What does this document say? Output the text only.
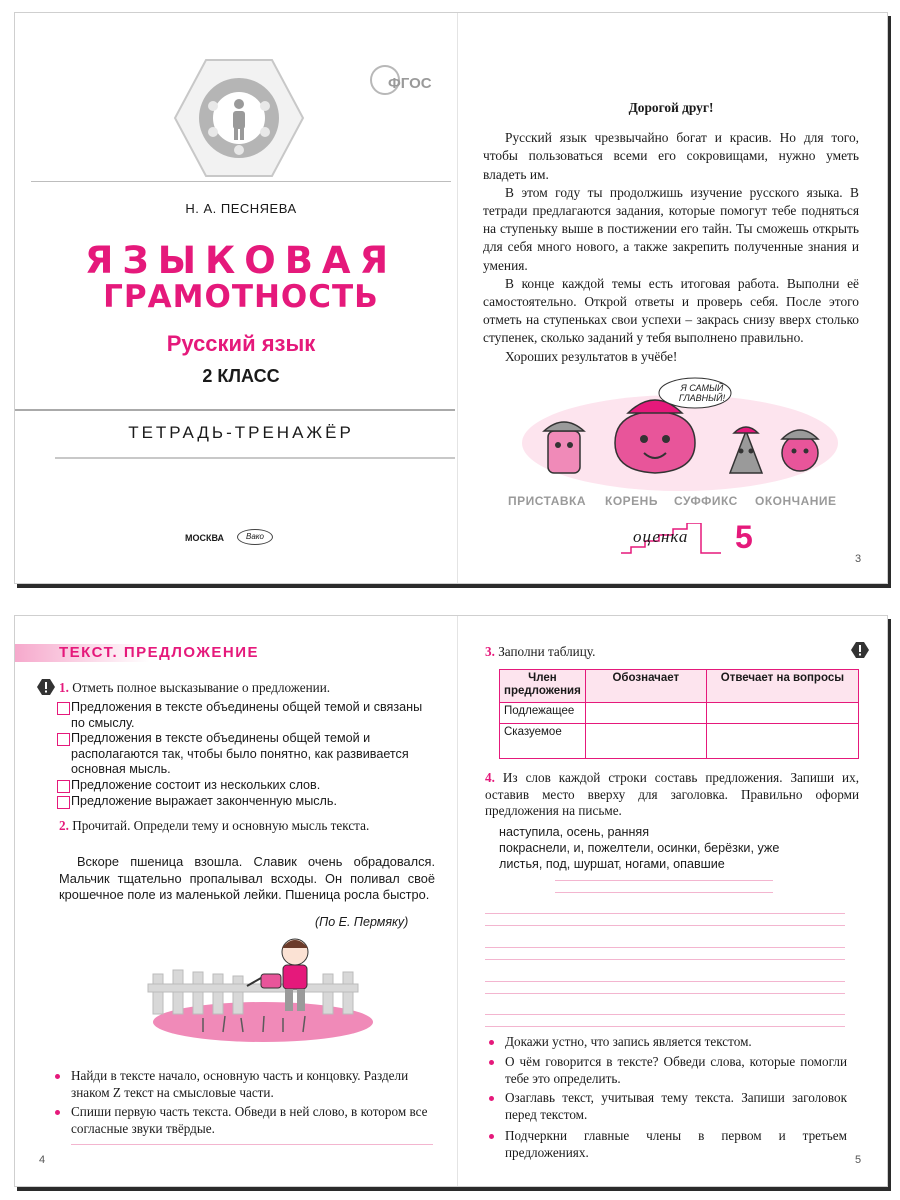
ФГОС
Н. А. ПЕСНЯЕВА
ЯЗЫКОВАЯ
ГРАМОТНОСТЬ
Русский язык
2 КЛАСС
ТЕТРАДЬ-ТРЕНАЖЁР
МОСКВА	Вако
Дорогой друг!

Русский язык чрезвычайно богат и красив. Но для того, чтобы пользоваться всеми его сокровищами, нужно уметь владеть им.

В этом году ты продолжишь изучение русского языка. В тетради предлагаются задания, которые помогут тебе подняться на ступеньку выше в постижении его тайн. Ты сможешь открыть для себя много нового, а также закрепить полученные знания и умения.

В конце каждой темы есть итоговая работа. Выполни её самостоятельно. Открой ответы и проверь себя. После этого отметь на ступеньках свои успехи – закрась снизу вверх столько ступенек, сколько заданий у тебя выполнено правильно.

Хороших результатов в учёбе!

Я САМЫЙ ГЛАВНЫЙ!
ПРИСТАВКА КОРЕНЬ СУФФИКС ОКОНЧАНИЕ
оценка 5
3
ТЕКСТ. ПРЕДЛОЖЕНИЕ
1. Отметь полное высказывание о предложении.
Предложения в тексте объединены общей темой и связаны по смыслу.
Предложения в тексте объединены общей темой и располагаются так, чтобы было понятно, как развивается основная мысль.
Предложение состоит из нескольких слов.
Предложение выражает законченную мысль.
2. Прочитай. Определи тему и основную мысль текста.
Вскоре пшеница взошла. Славик очень обрадовался. Мальчик тщательно пропалывал всходы. Он поливал своё крошечное поле из маленькой лейки. Пшеница росла быстро.
(По Е. Пермяку)
Найди в тексте начало, основную часть и концовку. Раздели знаком Z текст на смысловые части.
Спиши первую часть текста. Обведи в ней слово, в котором все согласные звуки твёрдые.
4
3. Заполни таблицу.
Член предложения	Обозначает	Отвечает на вопросы
Подлежащее		
Сказуемое		
4. Из слов каждой строки составь предложения. Запиши их, оставив место вверху для заголовка. Правильно оформи предложения на письме.
наступила, осень, ранняя
покраснели, и, пожелтели, осинки, берёзки, уже
листья, под, шуршат, ногами, опавшие
Докажи устно, что запись является текстом.
О чём говорится в тексте? Обведи слова, которые помогли тебе это определить.
Озаглавь текст, учитывая тему текста. Запиши заголовок перед текстом.
Подчеркни главные члены в первом и третьем предложениях.
5
